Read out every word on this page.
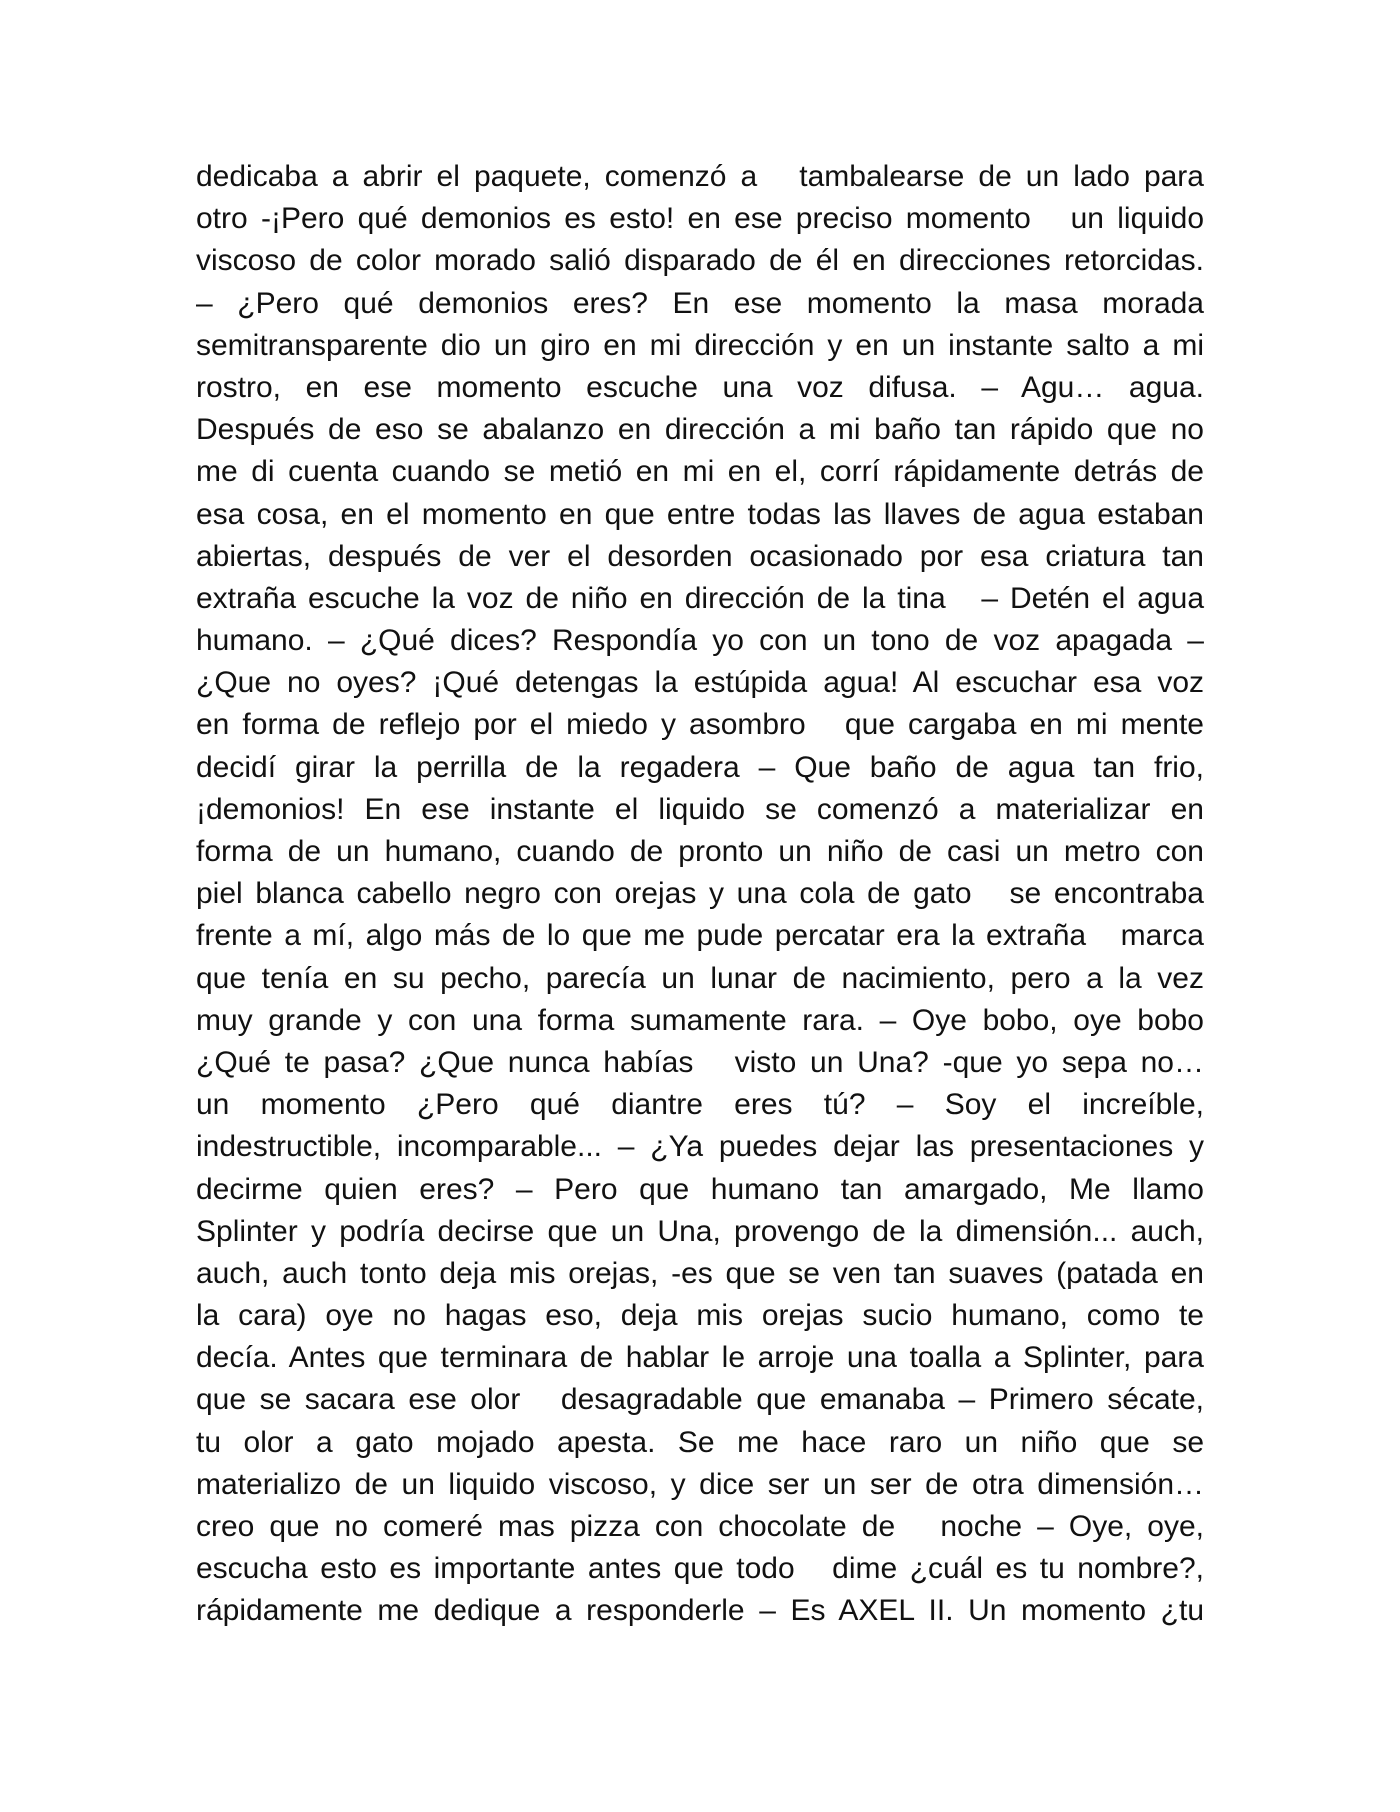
dedicaba a abrir el paquete, comenzó a   tambalearse de un lado para
otro -¡Pero qué demonios es esto! en ese preciso momento   un liquido
viscoso de color morado salió disparado de él en direcciones retorcidas.
– ¿Pero qué demonios eres? En ese momento la masa morada
semitransparente dio un giro en mi dirección y en un instante salto a mi
rostro, en ese momento escuche una voz difusa. – Agu… agua.
Después de eso se abalanzo en dirección a mi baño tan rápido que no
me di cuenta cuando se metió en mi en el, corrí rápidamente detrás de
esa cosa, en el momento en que entre todas las llaves de agua estaban
abiertas, después de ver el desorden ocasionado por esa criatura tan
extraña escuche la voz de niño en dirección de la tina   – Detén el agua
humano. – ¿Qué dices? Respondía yo con un tono de voz apagada –
¿Que no oyes? ¡Qué detengas la estúpida agua! Al escuchar esa voz
en forma de reflejo por el miedo y asombro   que cargaba en mi mente
decidí girar la perrilla de la regadera – Que baño de agua tan frio,
¡demonios! En ese instante el liquido se comenzó a materializar en
forma de un humano, cuando de pronto un niño de casi un metro con
piel blanca cabello negro con orejas y una cola de gato   se encontraba
frente a mí, algo más de lo que me pude percatar era la extraña   marca
que tenía en su pecho, parecía un lunar de nacimiento, pero a la vez
muy grande y con una forma sumamente rara. – Oye bobo, oye bobo
¿Qué te pasa? ¿Que nunca habías   visto un Una? -que yo sepa no…
un momento ¿Pero qué diantre eres tú? – Soy el increíble,
indestructible, incomparable... – ¿Ya puedes dejar las presentaciones y
decirme quien eres? – Pero que humano tan amargado, Me llamo
Splinter y podría decirse que un Una, provengo de la dimensión... auch,
auch, auch tonto deja mis orejas, -es que se ven tan suaves (patada en
la cara) oye no hagas eso, deja mis orejas sucio humano, como te
decía. Antes que terminara de hablar le arroje una toalla a Splinter, para
que se sacara ese olor   desagradable que emanaba – Primero sécate,
tu olor a gato mojado apesta. Se me hace raro un niño que se
materializo de un liquido viscoso, y dice ser un ser de otra dimensión…
creo que no comeré mas pizza con chocolate de   noche – Oye, oye,
escucha esto es importante antes que todo   dime ¿cuál es tu nombre?,
rápidamente me dedique a responderle – Es AXEL II. Un momento ¿tu
